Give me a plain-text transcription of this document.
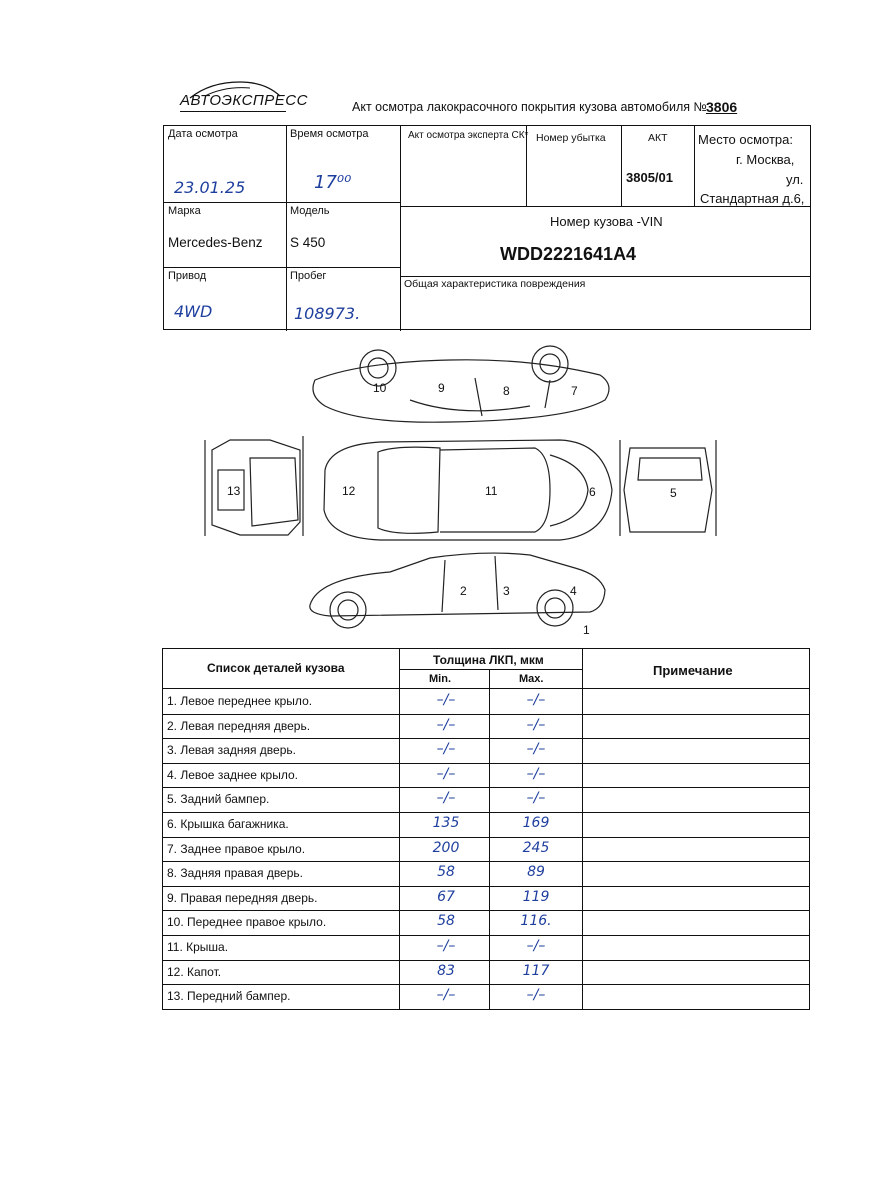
АВТОЭКСПРЕСС	Акт осмотра лакокрасочного покрытия кузова автомобиля № 3806
Дата осмотра
23.01.25
Время осмотра
17⁰⁰
Акт осмотра эксперта СК* Номер убытка	АКТ
3805/01
Место осмотра:
г. Москва,
ул.
Стандартная д.6,
Марка
Mercedes-Benz
Модель
S 450
Номер кузова -VIN
WDD2221641A4
Привод
4WD
Пробег
108973.
Общая характеристика повреждения
1
2	3	4
5
6
7
8
9
10
11
12
13
Список деталей кузова
Толщина ЛКП, мкм
Min.	Max.
Примечание
1. Левое переднее крыло.	–/–	–/–
2. Левая передняя дверь.	–/–	–/–
3. Левая задняя дверь.	–/–	–/–
4. Левое заднее крыло.	–/–	–/–
5. Задний бампер.	–/–	–/–
6. Крышка багажника.	135	169
7. Заднее правое крыло.	200	245
8. Задняя правая дверь.	58	89
9. Правая передняя дверь.	67	119
10. Переднее правое крыло.	58	116.
11. Крыша.	–/–	–/–
12. Капот.	83	117
13. Передний бампер.	–/–	–/–
